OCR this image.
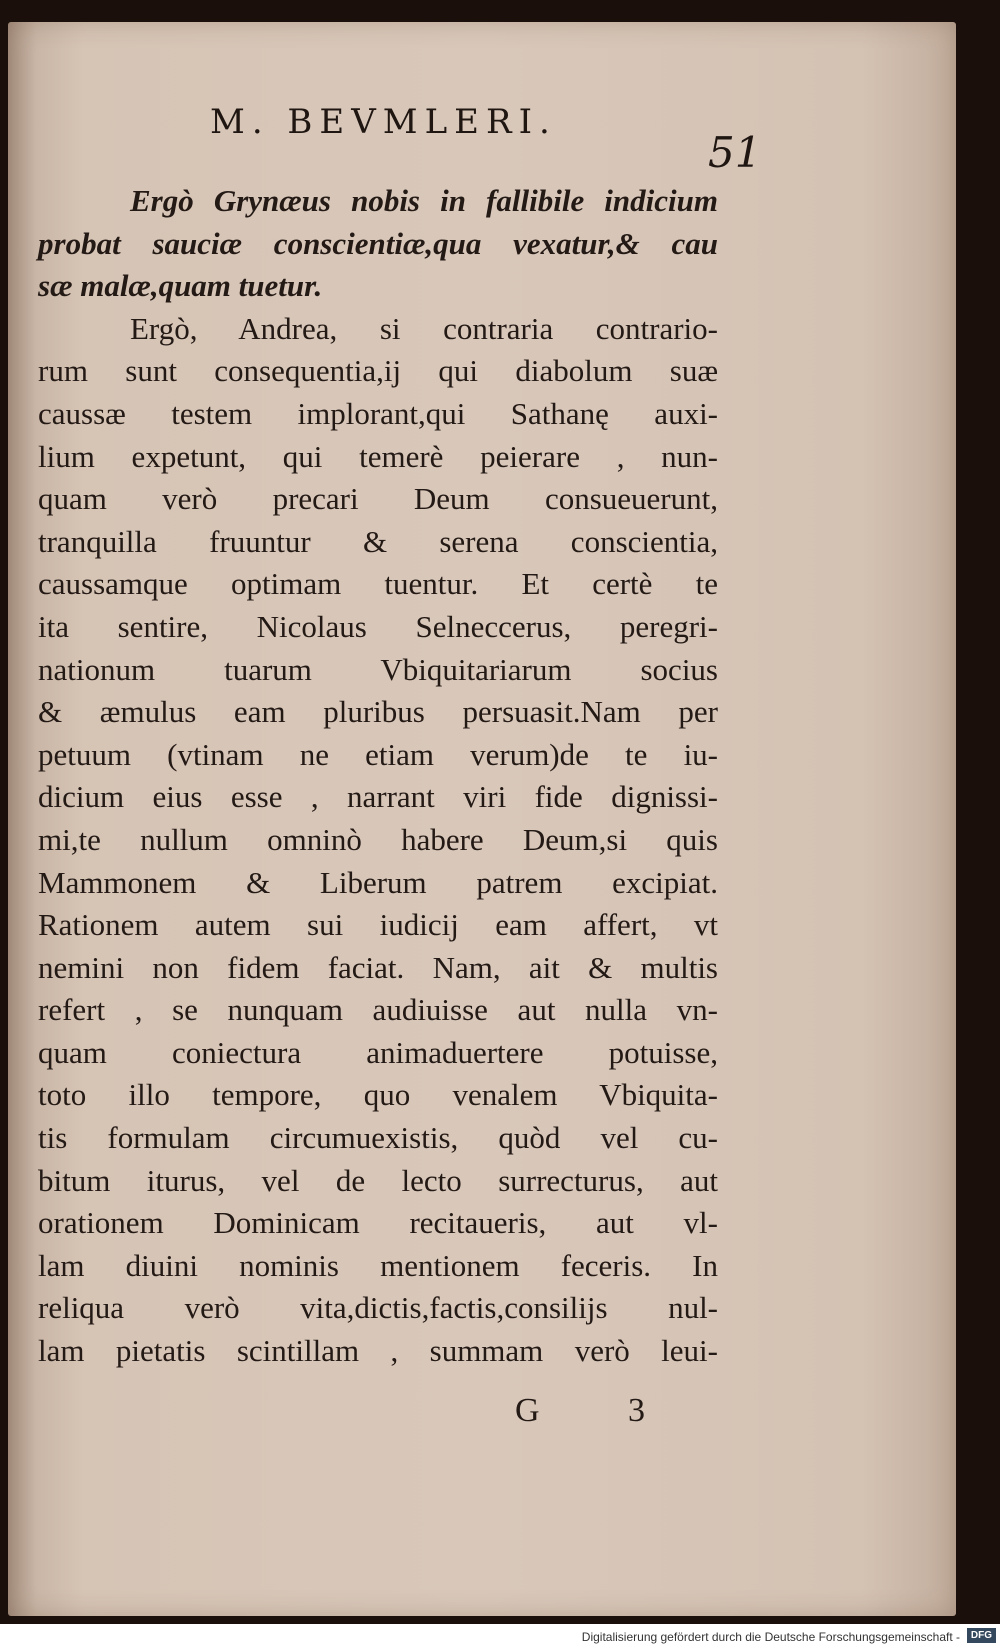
M. BEVMLERI.
51
Ergò Grynæus nobis in fallibile indicium
probat sauciæ conscientiæ,qua vexatur,& cau
sæ malæ,quam tuetur.
Ergò, Andrea, si contraria contrario-
rum sunt consequentia,ij qui diabolum suæ
caussæ testem implorant,qui Sathanę auxi-
lium expetunt, qui temerè peierare , nun-
quam verò precari Deum consueuerunt,
tranquilla fruuntur & serena conscientia,
caussamque optimam tuentur. Et certè te
ita sentire, Nicolaus Selneccerus, peregri-
nationum tuarum Vbiquitariarum socius
& æmulus eam pluribus persuasit.Nam per
petuum (vtinam ne etiam verum)de te iu-
dicium eius esse , narrant viri fide dignissi-
mi,te nullum omninò habere Deum,si quis
Mammonem & Liberum patrem excipiat.
Rationem autem sui iudicij eam affert, vt
nemini non fidem faciat. Nam, ait & multis
refert , se nunquam audiuisse aut nulla vn-
quam coniectura animaduertere potuisse,
toto illo tempore, quo venalem Vbiquita-
tis formulam circumuexistis, quòd vel cu-
bitum iturus, vel de lecto surrecturus, aut
orationem Dominicam recitaueris, aut vl-
lam diuini nominis mentionem feceris. In
reliqua verò vita,dictis,factis,consilijs nul-
lam pietatis scintillam , summam verò leui-
G 3
Digitalisierung gefördert durch die Deutsche Forschungsgemeinschaft -	DFG
